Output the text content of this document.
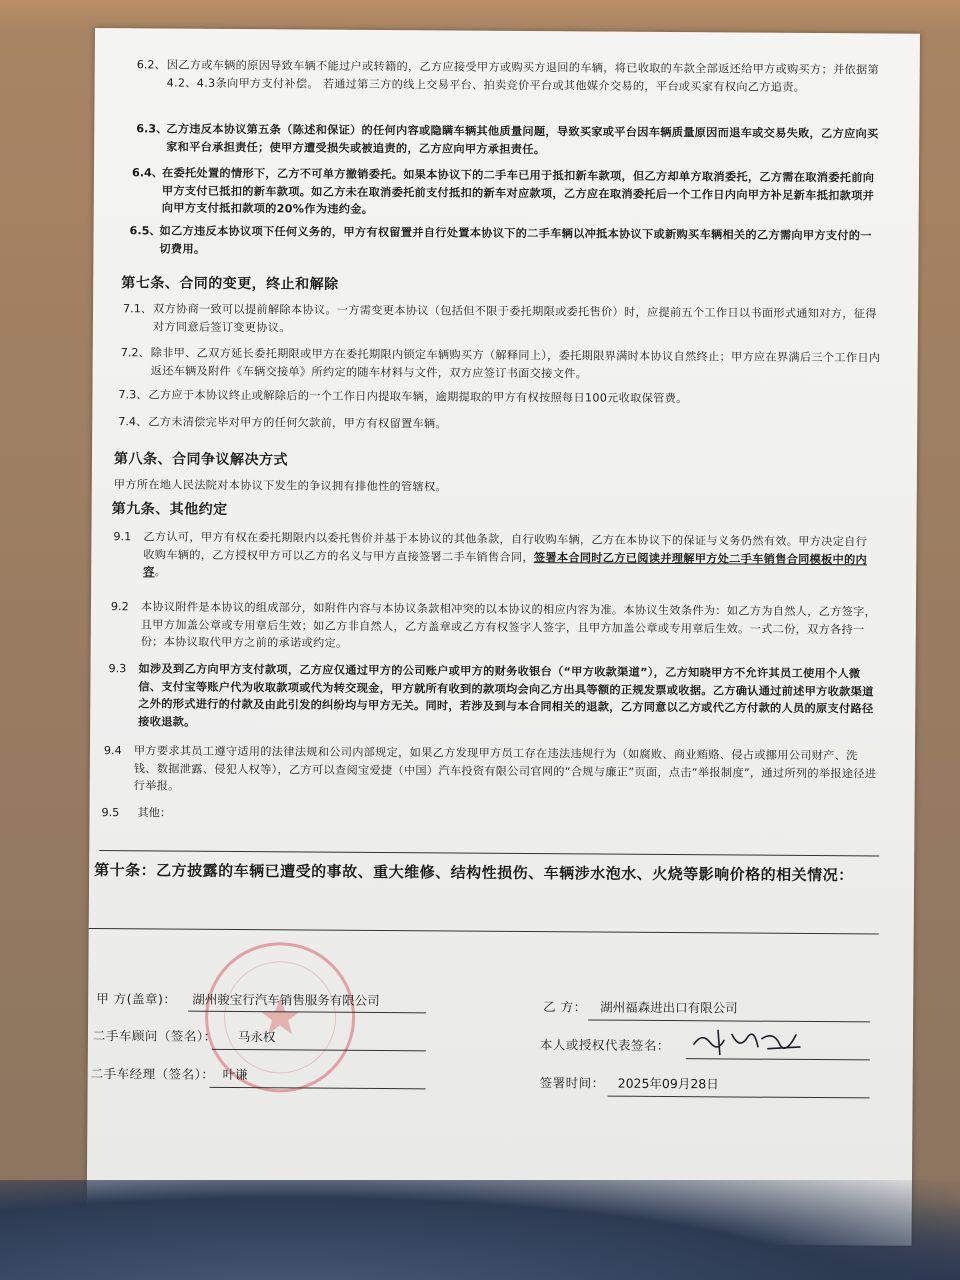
6.2、 因乙方或车辆的原因导致车辆不能过户或转籍的，乙方应接受甲方或购买方退回的车辆，将已收取的车款全部返还给甲方或购买方；并依据第4.2、4.3条向甲方支付补偿。 若通过第三方的线上交易平台、拍卖竞价平台或其他媒介交易的，平台或买家有权向乙方追责。
6.3、
乙方违反本协议第五条（陈述和保证）的任何内容或隐瞒车辆其他质量问题，导致买家或平台因车辆质量原因而退车或交易失败，乙方应向买家和平台承担责任；使甲方遭受损失或被追责的，乙方应向甲方承担责任。
6.4、
在委托处置的情形下，乙方不可单方撤销委托。如果本协议下的二手车已用于抵扣新车款项，但乙方却单方取消委托，乙方需在取消委托前向甲方支付已抵扣的新车款项。如乙方未在取消委托前支付抵扣的新车对应款项，乙方应在取消委托后一个工作日内向甲方补足新车抵扣款项并向甲方支付抵扣款项的20%作为违约金。
6.5、
如乙方违反本协议项下任何义务的，甲方有权留置并自行处置本协议下的二手车辆以冲抵本协议下或新购买车辆相关的乙方需向甲方支付的一切费用。
第七条、合同的变更，终止和解除
7.1、 双方协商一致可以提前解除本协议。一方需变更本协议（包括但不限于委托期限或委托售价）时，应提前五个工作日以书面形式通知对方，征得对方同意后签订变更协议。
7.2、 除非甲、乙双方延长委托期限或甲方在委托期限内锁定车辆购买方（解释同上），委托期限界满时本协议自然终止；甲方应在界满后三个工作日内返还车辆及附件《车辆交接单》所约定的随车材料与文件，双方应签订书面交接文件。
7.3、 乙方应于本协议终止或解除后的一个工作日内提取车辆，逾期提取的甲方有权按照每日100元收取保管费。
7.4、 乙方未清偿完毕对甲方的任何欠款前，甲方有权留置车辆。
第八条、合同争议解决方式
甲方所在地人民法院对本协议下发生的争议拥有排他性的管辖权。
第九条、其他约定
9.1 乙方认可，甲方有权在委托期限内以委托售价并基于本协议的其他条款，自行收购车辆，乙方在本协议下的保证与义务仍然有效。甲方决定自行收购车辆的，乙方授权甲方可以乙方的名义与甲方直接签署二手车销售合同，签署本合同时乙方已阅读并理解甲方处二手车销售合同模板中的内容。
9.2 本协议附件是本协议的组成部分，如附件内容与本协议条款相冲突的以本协议的相应内容为准。本协议生效条件为：如乙方为自然人，乙方签字，且甲方加盖公章或专用章后生效；如乙方非自然人，乙方盖章或乙方有权签字人签字，且甲方加盖公章或专用章后生效。一式二份，双方各持一份；本协议取代甲方之前的承诺或约定。
9.3 如涉及到乙方向甲方支付款项，乙方应仅通过甲方的公司账户或甲方的财务收银台（“甲方收款渠道”），乙方知晓甲方不允许其员工使用个人微信、支付宝等账户代为收取款项或代为转交现金，甲方就所有收到的款项均会向乙方出具等额的正规发票或收据。乙方确认通过前述甲方收款渠道之外的形式进行的付款及由此引发的纠纷均与甲方无关。同时，若涉及到与本合同相关的退款，乙方同意以乙方或代乙方付款的人员的原支付路径接收退款。
9.4 甲方要求其员工遵守适用的法律法规和公司内部规定，如果乙方发现甲方员工存在违法违规行为（如腐败、商业贿赂、侵占或挪用公司财产、洗钱、数据泄露、侵犯人权等），乙方可以查阅宝爱捷（中国）汽车投资有限公司官网的“合规与廉正”页面，点击“举报制度”，通过所列的举报途径进行举报。
9.5 其他：
第十条：乙方披露的车辆已遭受的事故、重大维修、结构性损伤、车辆涉水泡水、火烧等影响价格的相关情况：
甲 方(盖章)： 湖州骏宝行汽车销售服务有限公司
二手车顾问（签名）： 马永权
二手车经理（签名）： 叶谦
乙 方： 湖州福森进出口有限公司
本人或授权代表签名：
签署时间： 2025年09月28日
